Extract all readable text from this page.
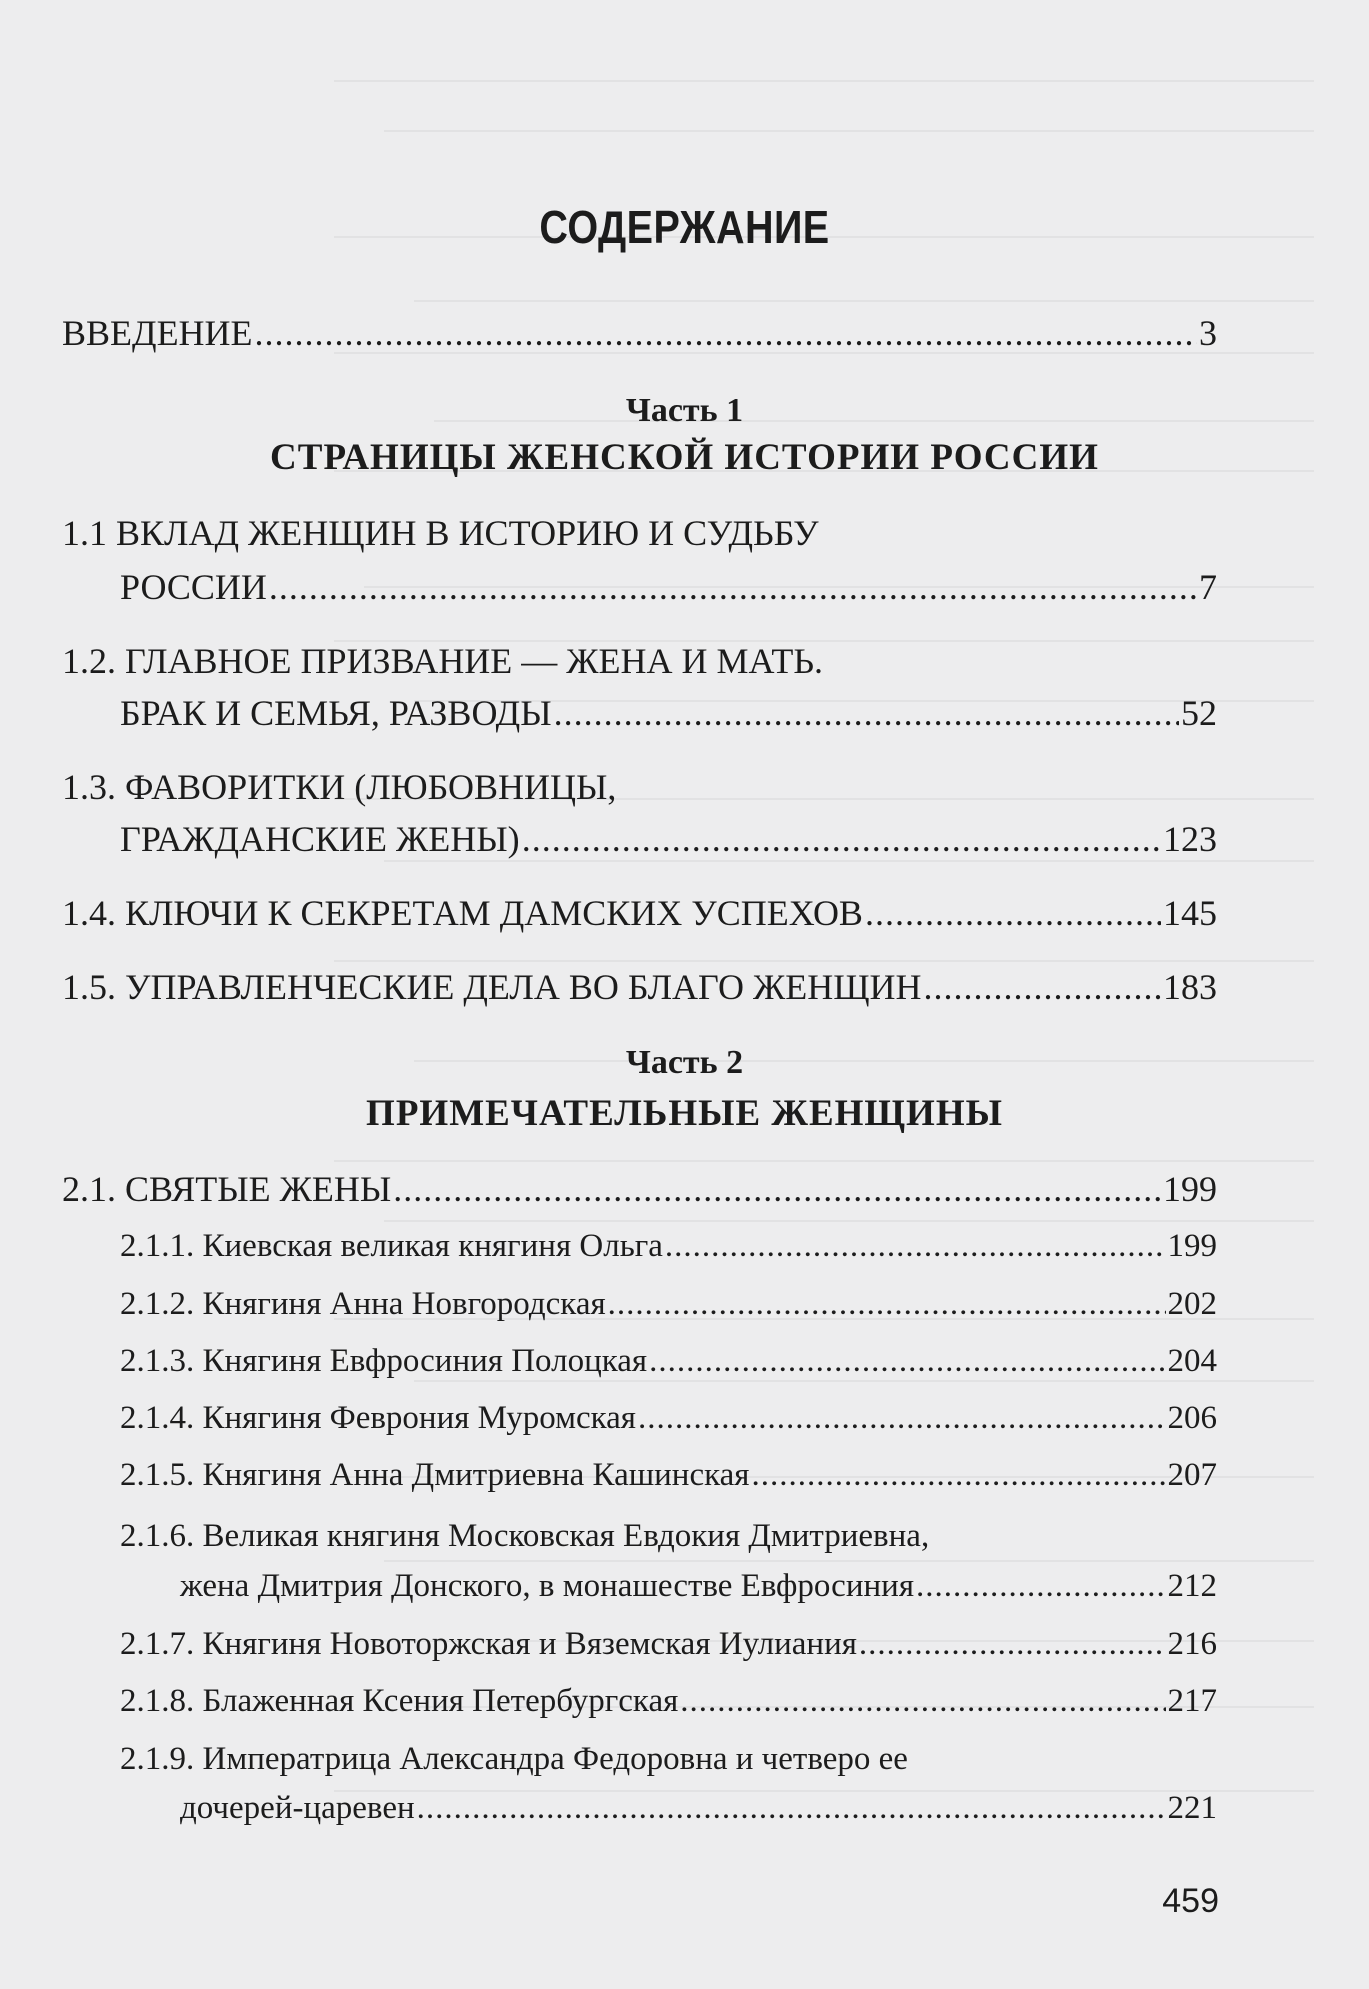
СОДЕРЖАНИЕ
ВВЕДЕНИЕ .....	3
Часть 1
СТРАНИЦЫ ЖЕНСКОЙ ИСТОРИИ РОССИИ
1.1 ВКЛАД ЖЕНЩИН В ИСТОРИЮ И СУДЬБУ
РОССИИ .....	7
1.2. ГЛАВНОЕ ПРИЗВАНИЕ — ЖЕНА И МАТЬ.
БРАК И СЕМЬЯ, РАЗВОДЫ .....	52
1.3. ФАВОРИТКИ (ЛЮБОВНИЦЫ,
ГРАЖДАНСКИЕ ЖЕНЫ) .....	123
1.4. КЛЮЧИ К СЕКРЕТАМ ДАМСКИХ УСПЕХОВ .....	145
1.5. УПРАВЛЕНЧЕСКИЕ ДЕЛА ВО БЛАГО ЖЕНЩИН .....	183
Часть 2
ПРИМЕЧАТЕЛЬНЫЕ ЖЕНЩИНЫ
2.1. СВЯТЫЕ ЖЕНЫ .....	199
2.1.1. Киевская великая княгиня Ольга .....	199
2.1.2. Княгиня Анна Новгородская .....	202
2.1.3. Княгиня Евфросиния Полоцкая .....	204
2.1.4. Княгиня Феврония Муромская .....	206
2.1.5. Княгиня Анна Дмитриевна Кашинская .....	207
2.1.6. Великая княгиня Московская Евдокия Дмитриевна,
жена Дмитрия Донского, в монашестве Евфросиния .....	212
2.1.7. Княгиня Новоторжская и Вяземская Иулиания .....	216
2.1.8. Блаженная Ксения Петербургская .....	217
2.1.9. Императрица Александра Федоровна и четверо ее
дочерей-царевен .....	221
459
